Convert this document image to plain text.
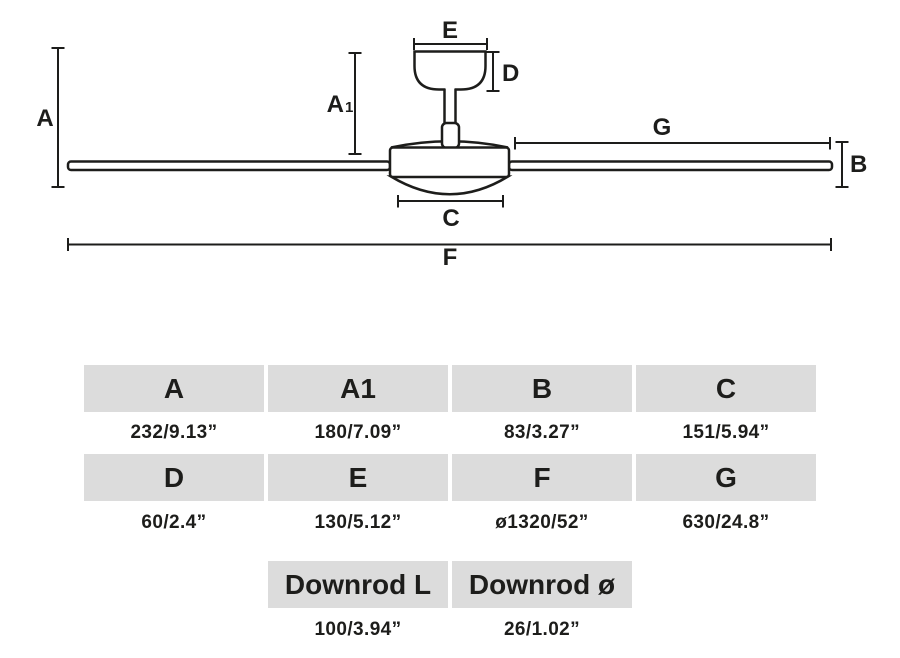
A
A 1
E
D
G
B
C
F
A	A1	B	C
232/9.13”	180/7.09”	83/3.27”	151/5.94”
D	E	F	G
60/2.4”	130/5.12”	ø1320/52”	630/24.8”
Downrod L	Downrod ø
100/3.94”	26/1.02”
